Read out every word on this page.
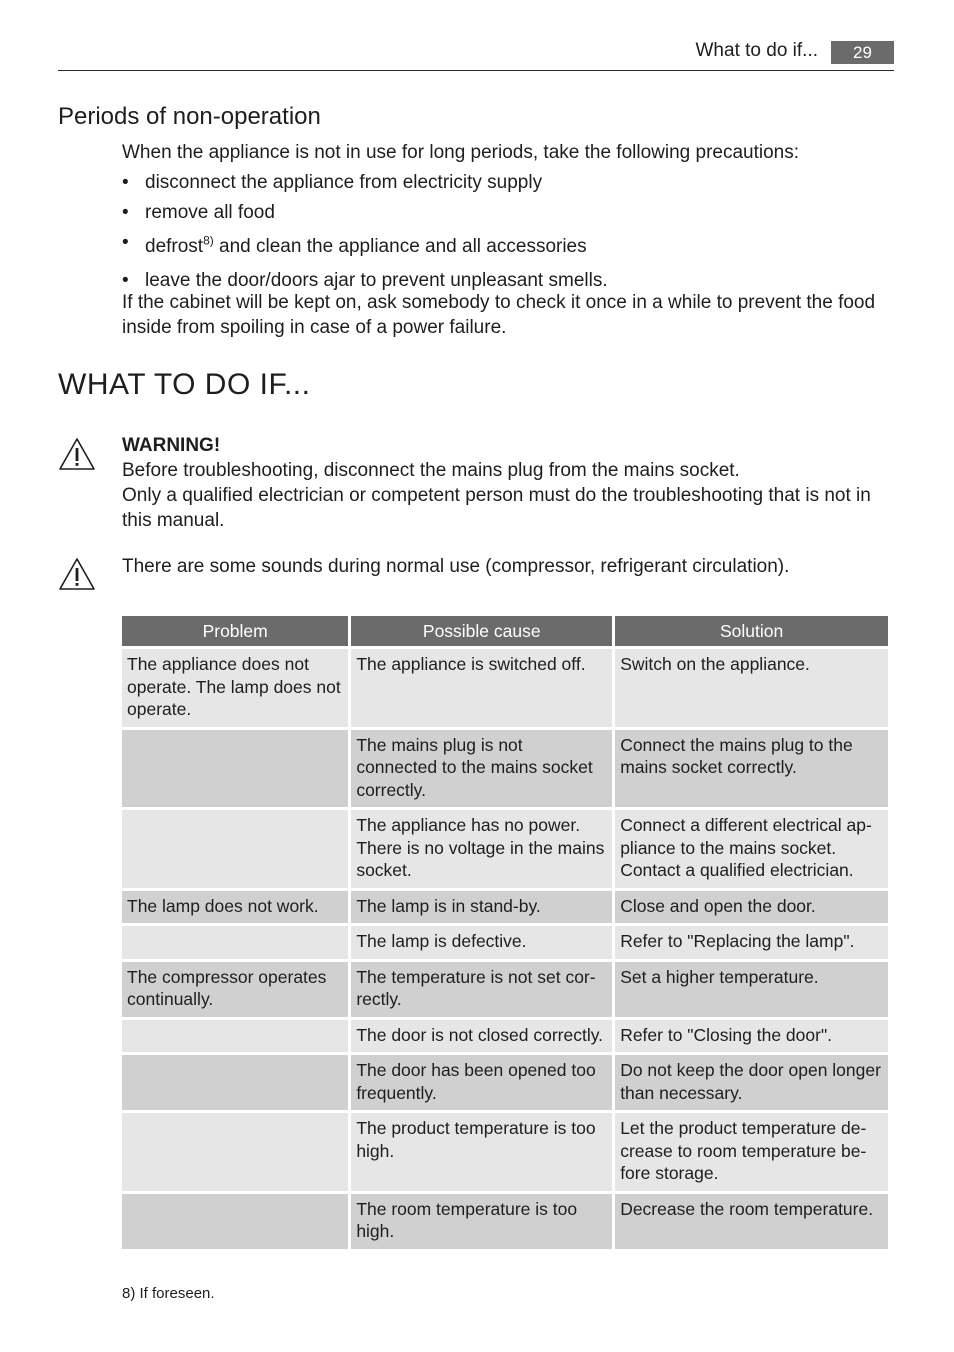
What to do if...	29
Periods of non-operation

When the appliance is not in use for long periods, take the following precautions:

• disconnect the appliance from electricity supply
• remove all food
• defrost$^{8)}$ and clean the appliance and all accessories
• leave the door/doors ajar to prevent unpleasant smells.

If the cabinet will be kept on, ask somebody to check it once in a while to prevent the food inside from spoiling in case of a power failure.

WHAT TO DO IF...
WARNING!
Before troubleshooting, disconnect the mains plug from the mains socket.
Only a qualified electrician or competent person must do the troubleshooting that is not in this manual.
There are some sounds during normal use (compressor, refrigerant circulation).
Problem	Possible cause	Solution
The appliance does not operate. The lamp does not operate.	The appliance is switched off.	Switch on the appliance.
	The mains plug is not connected to the mains socket correctly.	Connect the mains plug to the mains socket correctly.
	The appliance has no power. There is no voltage in the mains socket.	Connect a different electrical ap-pliance to the mains socket. Contact a qualified electrician.
The lamp does not work.	The lamp is in stand-by.	Close and open the door.
	The lamp is defective.	Refer to "Replacing the lamp".
The compressor operates continually.	The temperature is not set cor-rectly.	Set a higher temperature.
	The door is not closed correctly.	Refer to "Closing the door".
	The door has been opened too frequently.	Do not keep the door open longer than necessary.
	The product temperature is too high.	Let the product temperature de-crease to room temperature be-fore storage.
	The room temperature is too high.	Decrease the room temperature.
8) If foreseen.
